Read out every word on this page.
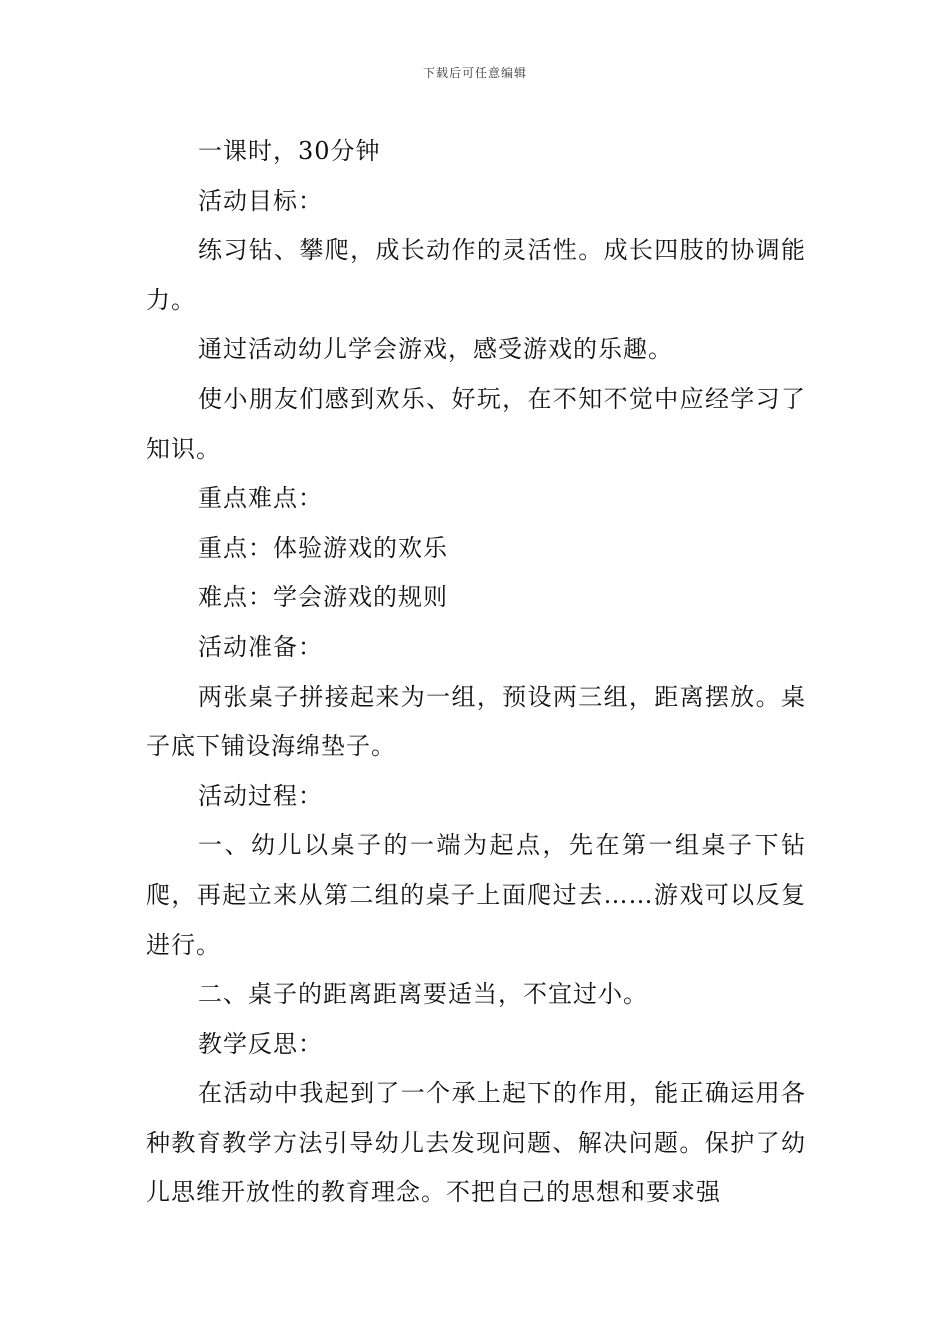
下载后可任意编辑

一课时，30分钟

活动目标：

练习钻、攀爬，成长动作的灵活性。成长四肢的协调能力。

通过活动幼儿学会游戏，感受游戏的乐趣。

使小朋友们感到欢乐、好玩，在不知不觉中应经学习了知识。

重点难点：

重点：体验游戏的欢乐

难点：学会游戏的规则

活动准备：

两张桌子拼接起来为一组，预设两三组，距离摆放。桌子底下铺设海绵垫子。

活动过程：

一、幼儿以桌子的一端为起点，先在第一组桌子下钻爬，再起立来从第二组的桌子上面爬过去……游戏可以反复进行。

二、桌子的距离距离要适当，不宜过小。

教学反思：

在活动中我起到了一个承上起下的作用，能正确运用各种教育教学方法引导幼儿去发现问题、解决问题。保护了幼儿思维开放性的教育理念。不把自己的思想和要求强
